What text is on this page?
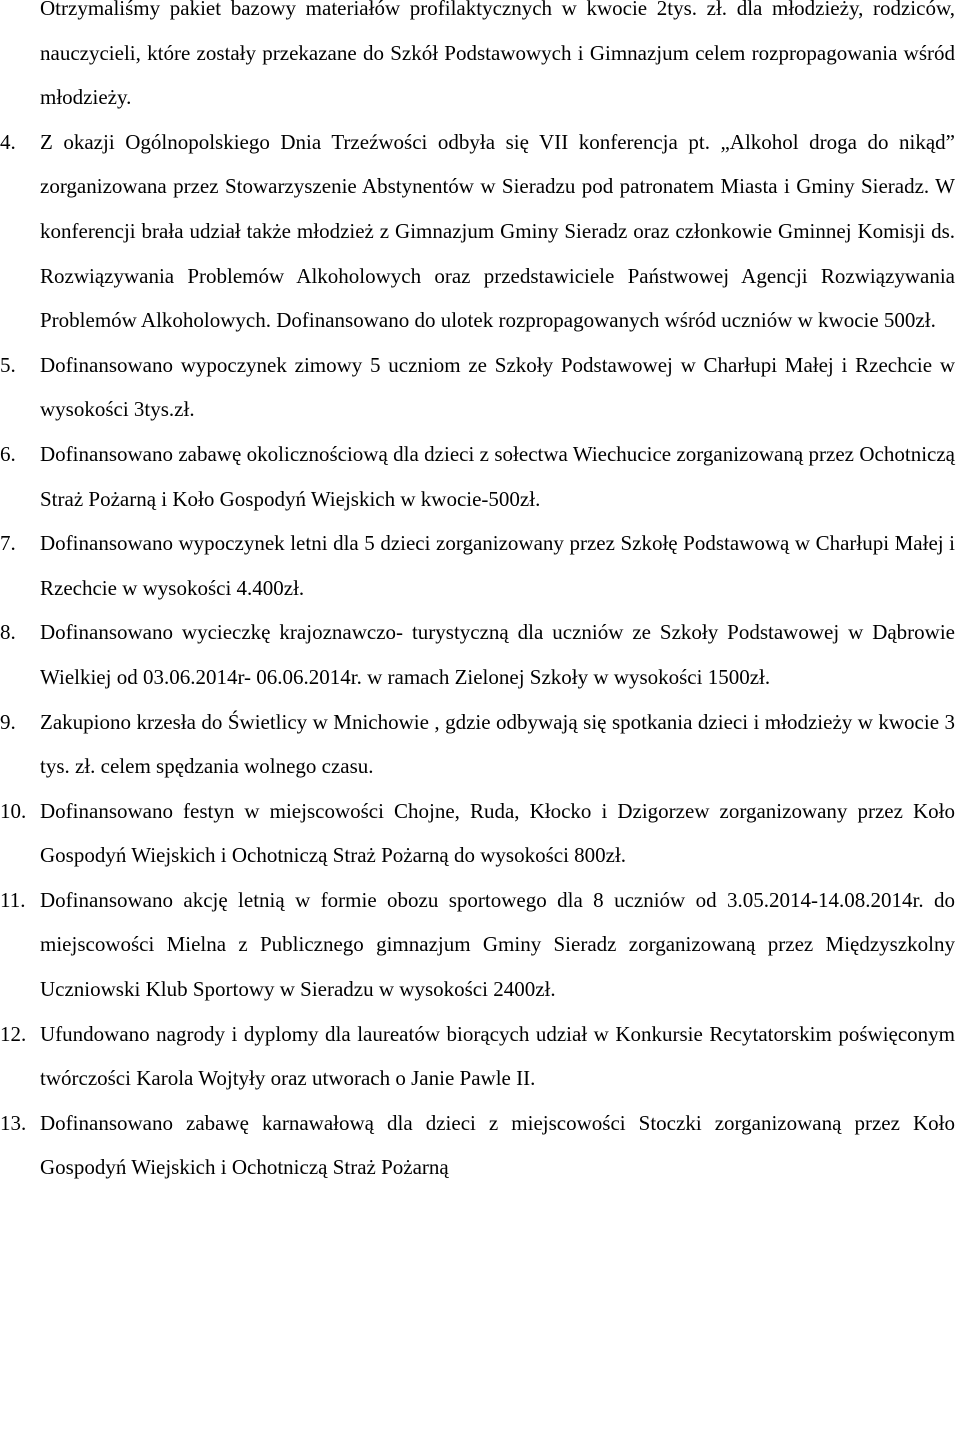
Otrzymaliśmy pakiet bazowy materiałów profilaktycznych w kwocie 2tys. zł. dla młodzieży, rodziców, nauczycieli, które zostały przekazane do Szkół Podstawowych i Gimnazjum celem rozpropagowania wśród młodzieży.

4.	Z okazji Ogólnopolskiego Dnia Trzeźwości odbyła się VII konferencja pt. „Alkohol droga do nikąd” zorganizowana przez Stowarzyszenie Abstynentów w Sieradzu pod patronatem Miasta i Gminy Sieradz. W konferencji brała udział także młodzież z Gimnazjum Gminy Sieradz oraz członkowie Gminnej Komisji ds. Rozwiązywania Problemów Alkoholowych oraz przedstawiciele Państwowej Agencji Rozwiązywania Problemów Alkoholowych. Dofinansowano do ulotek rozpropagowanych wśród uczniów w kwocie 500zł.
5.	Dofinansowano wypoczynek zimowy 5 uczniom ze Szkoły Podstawowej w Charłupi Małej i Rzechcie w wysokości 3tys.zł.
6.	Dofinansowano zabawę okolicznościową dla dzieci z sołectwa Wiechucice zorganizowaną przez Ochotniczą Straż Pożarną i Koło Gospodyń Wiejskich w kwocie-500zł.
7.	Dofinansowano wypoczynek letni dla 5 dzieci zorganizowany przez Szkołę Podstawową w Charłupi Małej i Rzechcie w wysokości 4.400zł.
8.	Dofinansowano wycieczkę krajoznawczo- turystyczną dla uczniów ze Szkoły Podstawowej w Dąbrowie Wielkiej od 03.06.2014r- 06.06.2014r. w ramach Zielonej Szkoły w wysokości 1500zł.
9.	Zakupiono krzesła do Świetlicy w Mnichowie , gdzie odbywają się spotkania dzieci i młodzieży w kwocie 3 tys. zł. celem spędzania wolnego czasu.
10. Dofinansowano festyn w miejscowości Chojne, Ruda, Kłocko i Dzigorzew zorganizowany przez Koło Gospodyń Wiejskich i Ochotniczą Straż Pożarną do wysokości 800zł.
11. Dofinansowano akcję letnią w formie obozu sportowego dla 8 uczniów od 3.05.2014-14.08.2014r. do miejscowości Mielna z Publicznego gimnazjum Gminy Sieradz zorganizowaną przez Międzyszkolny Uczniowski Klub Sportowy w Sieradzu w wysokości 2400zł.
12. Ufundowano nagrody i dyplomy dla laureatów biorących udział w Konkursie Recytatorskim poświęconym twórczości Karola Wojtyły oraz utworach o Janie Pawle II.
13. Dofinansowano zabawę karnawałową dla dzieci z miejscowości Stoczki zorganizowaną przez Koło Gospodyń Wiejskich i Ochotniczą Straż Pożarną
